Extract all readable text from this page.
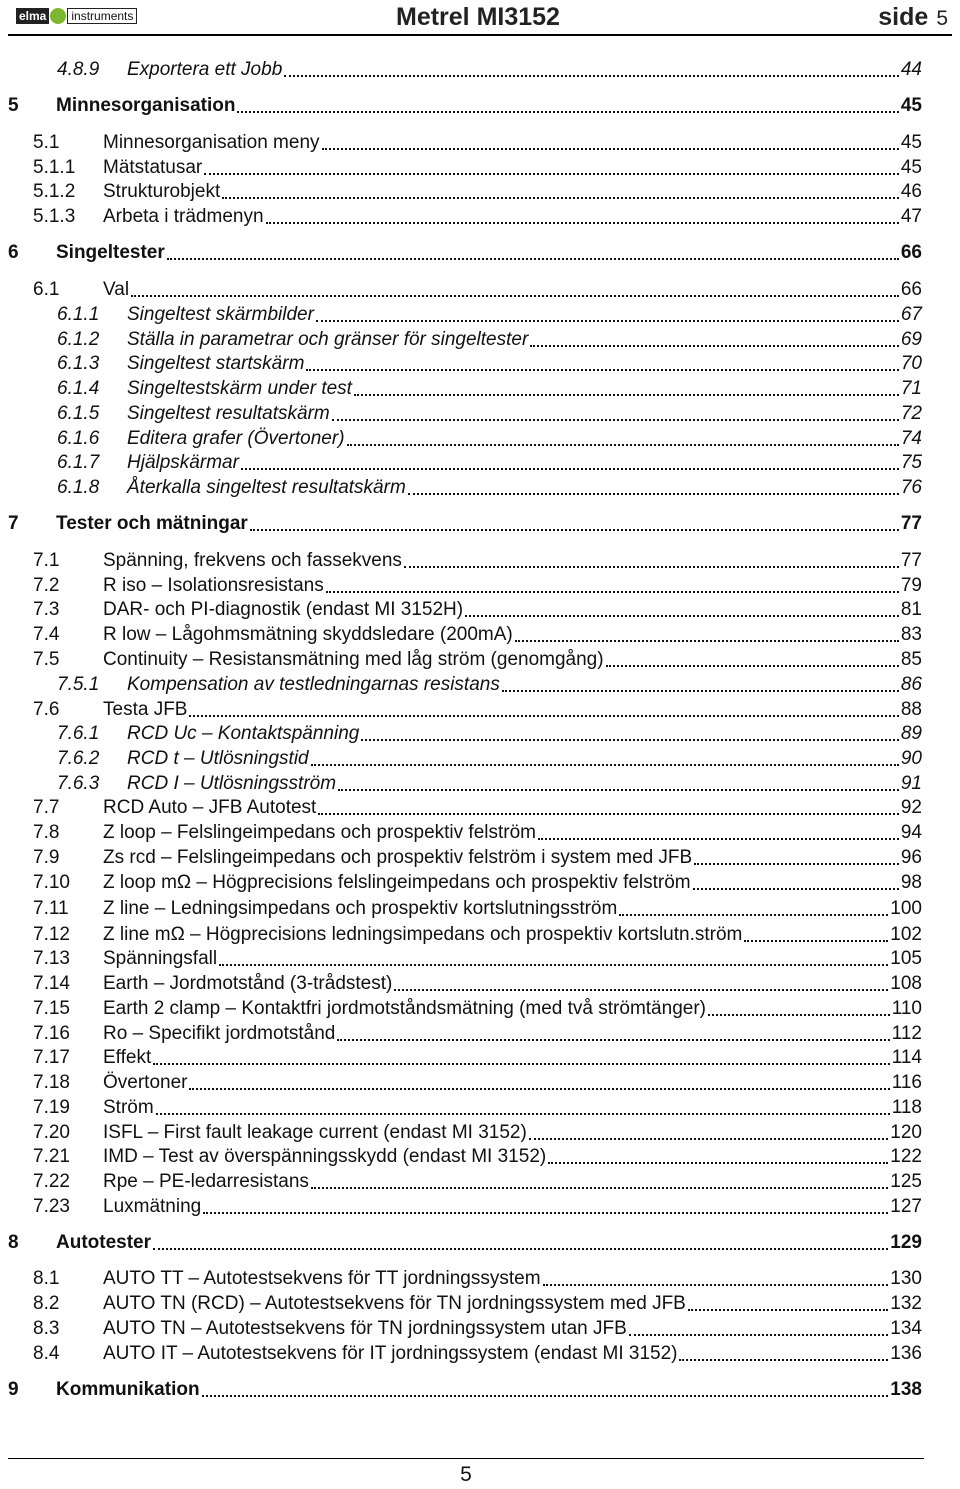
elma	instruments	Metrel MI3152	side 5
4.8.9 Exportera ett Jobb	44
5 Minnesorganisation	45
5.1 Minnesorganisation meny	45
5.1.1 Mätstatusar	45
5.1.2 Strukturobjekt	46
5.1.3 Arbeta i trädmenyn	47
6 Singeltester	66
6.1 Val	66
6.1.1 Singeltest skärmbilder	67
6.1.2 Ställa in parametrar och gränser för singeltester	69
6.1.3 Singeltest startskärm	70
6.1.4 Singeltestskärm under test	71
6.1.5 Singeltest resultatskärm	72
6.1.6 Editera grafer (Övertoner)	74
6.1.7 Hjälpskärmar	75
6.1.8 Återkalla singeltest resultatskärm	76
7 Tester och mätningar	77
7.1 Spänning, frekvens och fassekvens	77
7.2 R iso – Isolationsresistans	79
7.3 DAR- och PI-diagnostik (endast MI 3152H)	81
7.4 R low – Lågohmsmätning skyddsledare (200mA)	83
7.5 Continuity – Resistansmätning med låg ström (genomgång)	85
7.5.1 Kompensation av testledningarnas resistans	86
7.6 Testa JFB	88
7.6.1 RCD Uc – Kontaktspänning	89
7.6.2 RCD t – Utlösningstid	90
7.6.3 RCD I – Utlösningsström	91
7.7 RCD Auto – JFB Autotest	92
7.8 Z loop – Felslingeimpedans och prospektiv felström	94
7.9 Zs rcd – Felslingeimpedans och prospektiv felström i system med JFB	96
7.10 Z loop mΩ – Högprecisions felslingeimpedans och prospektiv felström	98
7.11 Z line – Ledningsimpedans och prospektiv kortslutningsström	100
7.12 Z line mΩ – Högprecisions ledningsimpedans och prospektiv kortslutn.ström	102
7.13 Spänningsfall	105
7.14 Earth – Jordmotstånd (3-trådstest)	108
7.15 Earth 2 clamp – Kontaktfri jordmotståndsmätning (med två strömtänger)	110
7.16 Ro – Specifikt jordmotstånd	112
7.17 Effekt	114
7.18 Övertoner	116
7.19 Ström	118
7.20 ISFL – First fault leakage current (endast MI 3152)	120
7.21 IMD – Test av överspänningsskydd (endast MI 3152)	122
7.22 Rpe – PE-ledarresistans	125
7.23 Luxmätning	127
8 Autotester	129
8.1 AUTO TT – Autotestsekvens för TT jordningssystem	130
8.2 AUTO TN (RCD) – Autotestsekvens för TN jordningssystem med JFB	132
8.3 AUTO TN – Autotestsekvens för TN jordningssystem utan JFB	134
8.4 AUTO IT – Autotestsekvens för IT jordningssystem (endast MI 3152)	136
9 Kommunikation	138
5
